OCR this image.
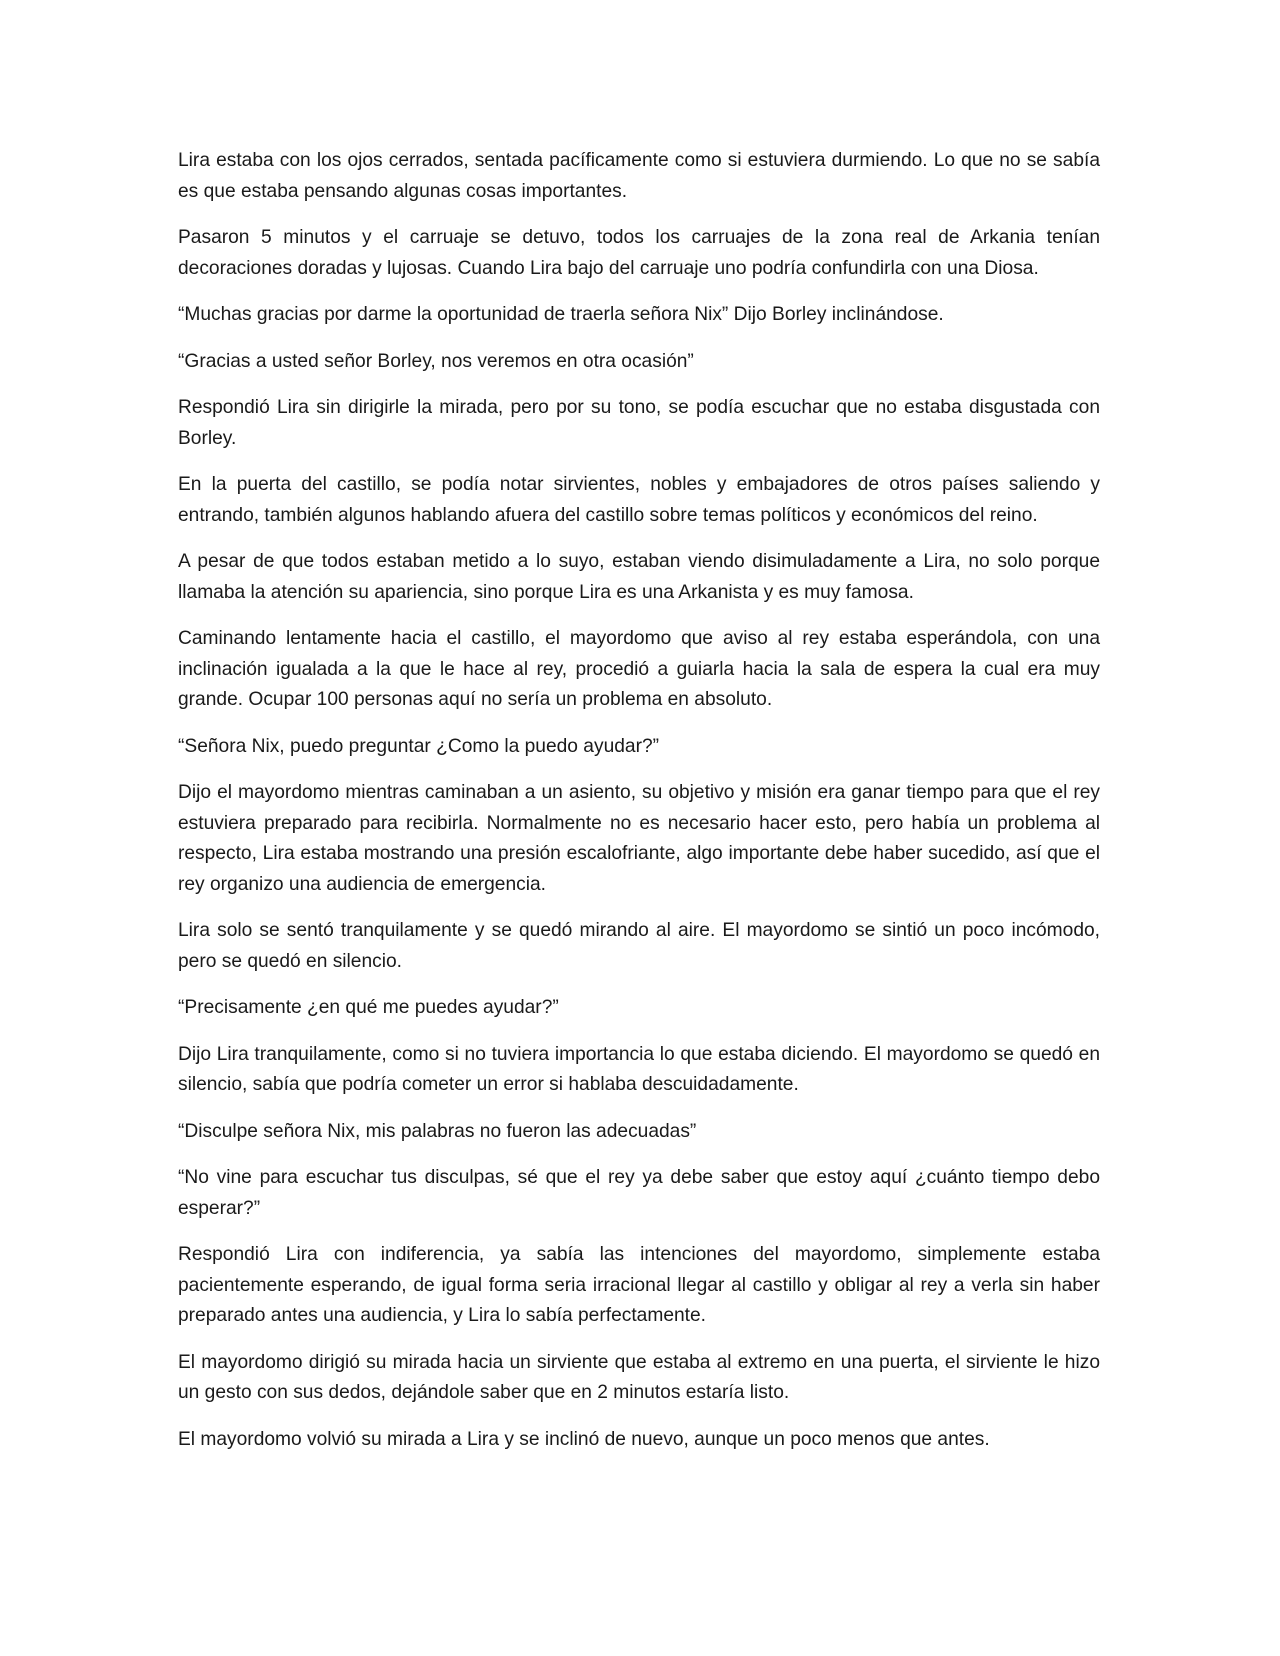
Lira estaba con los ojos cerrados, sentada pacíficamente como si estuviera durmiendo. Lo que no se sabía es que estaba pensando algunas cosas importantes.

Pasaron 5 minutos y el carruaje se detuvo, todos los carruajes de la zona real de Arkania tenían decoraciones doradas y lujosas. Cuando Lira bajo del carruaje uno podría confundirla con una Diosa.

“Muchas gracias por darme la oportunidad de traerla señora Nix” Dijo Borley inclinándose.

“Gracias a usted señor Borley, nos veremos en otra ocasión”

Respondió Lira sin dirigirle la mirada, pero por su tono, se podía escuchar que no estaba disgustada con Borley.

En la puerta del castillo, se podía notar sirvientes, nobles y embajadores de otros países saliendo y entrando, también algunos hablando afuera del castillo sobre temas políticos y económicos del reino.

A pesar de que todos estaban metido a lo suyo, estaban viendo disimuladamente a Lira, no solo porque llamaba la atención su apariencia, sino porque Lira es una Arkanista y es muy famosa.

Caminando lentamente hacia el castillo, el mayordomo que aviso al rey estaba esperándola, con una inclinación igualada a la que le hace al rey, procedió a guiarla hacia la sala de espera la cual era muy grande. Ocupar 100 personas aquí no sería un problema en absoluto.

“Señora Nix, puedo preguntar ¿Como la puedo ayudar?”

Dijo el mayordomo mientras caminaban a un asiento, su objetivo y misión era ganar tiempo para que el rey estuviera preparado para recibirla. Normalmente no es necesario hacer esto, pero había un problema al respecto, Lira estaba mostrando una presión escalofriante, algo importante debe haber sucedido, así que el rey organizo una audiencia de emergencia.

Lira solo se sentó tranquilamente y se quedó mirando al aire. El mayordomo se sintió un poco incómodo, pero se quedó en silencio.

“Precisamente ¿en qué me puedes ayudar?”

Dijo Lira tranquilamente, como si no tuviera importancia lo que estaba diciendo. El mayordomo se quedó en silencio, sabía que podría cometer un error si hablaba descuidadamente.

“Disculpe señora Nix, mis palabras no fueron las adecuadas”

“No vine para escuchar tus disculpas, sé que el rey ya debe saber que estoy aquí ¿cuánto tiempo debo esperar?”

Respondió Lira con indiferencia, ya sabía las intenciones del mayordomo, simplemente estaba pacientemente esperando, de igual forma seria irracional llegar al castillo y obligar al rey a verla sin haber preparado antes una audiencia, y Lira lo sabía perfectamente.

El mayordomo dirigió su mirada hacia un sirviente que estaba al extremo en una puerta, el sirviente le hizo un gesto con sus dedos, dejándole saber que en 2 minutos estaría listo.

El mayordomo volvió su mirada a Lira y se inclinó de nuevo, aunque un poco menos que antes.
